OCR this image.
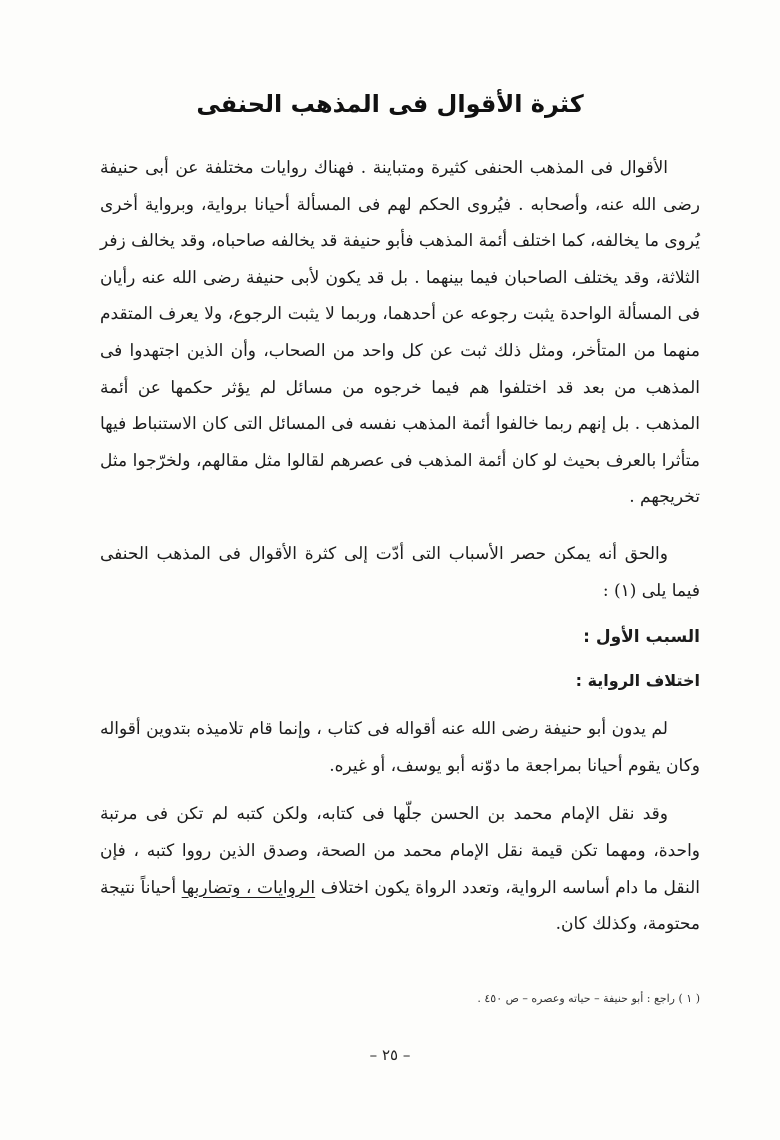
كثرة الأقوال فى المذهب الحنفى

الأقوال فى المذهب الحنفى كثيرة ومتباينة . فهناك روايات مختلفة عن أبى حنيفة رضى الله عنه، وأصحابه . فيُروى الحكم لهم فى المسألة أحيانا برواية، وبرواية أخرى يُروى ما يخالفه، كما اختلف أئمة المذهب فأبو حنيفة قد يخالفه صاحباه، وقد يخالف زفر الثلاثة، وقد يختلف الصاحبان فيما بينهما . بل قد يكون لأبى حنيفة رضى الله عنه رأيان فى المسألة الواحدة يثبت رجوعه عن أحدهما، وربما لا يثبت الرجوع، ولا يعرف المتقدم منهما من المتأخر، ومثل ذلك ثبت عن كل واحد من الصحاب، وأن الذين اجتهدوا فى المذهب من بعد قد اختلفوا هم فيما خرجوه من مسائل لم يؤثر حكمها عن أئمة المذهب . بل إنهم ربما خالفوا أئمة المذهب نفسه فى المسائل التى كان الاستنباط فيها متأثرا بالعرف بحيث لو كان أئمة المذهب فى عصرهم لقالوا مثل مقالهم، ولخرّجوا مثل تخريجهم .

والحق أنه يمكن حصر الأسباب التى أدّت إلى كثرة الأقوال فى المذهب الحنفى فيما يلى (١) :

السبب الأول :
اختلاف الرواية :

لم يدون أبو حنيفة رضى الله عنه أقواله فى كتاب ، وإنما قام تلاميذه بتدوين أقواله وكان يقوم أحيانا بمراجعة ما دوّنه أبو يوسف، أو غيره.

وقد نقل الإمام محمد بن الحسن جلّها فى كتابه، ولكن كتبه لم تكن فى مرتبة واحدة، ومهما تكن قيمة نقل الإمام محمد من الصحة، وصدق الذين رووا كتبه ، فإن النقل ما دام أساسه الرواية، وتعدد الرواة يكون اختلاف الروايات ، وتضاربها أحياناً نتيجة محتومة، وكذلك كان.

( ١ ) راجع : أبو حنيفة – حياته وعصره – ص ٤٥٠ .
– ٢٥ –
